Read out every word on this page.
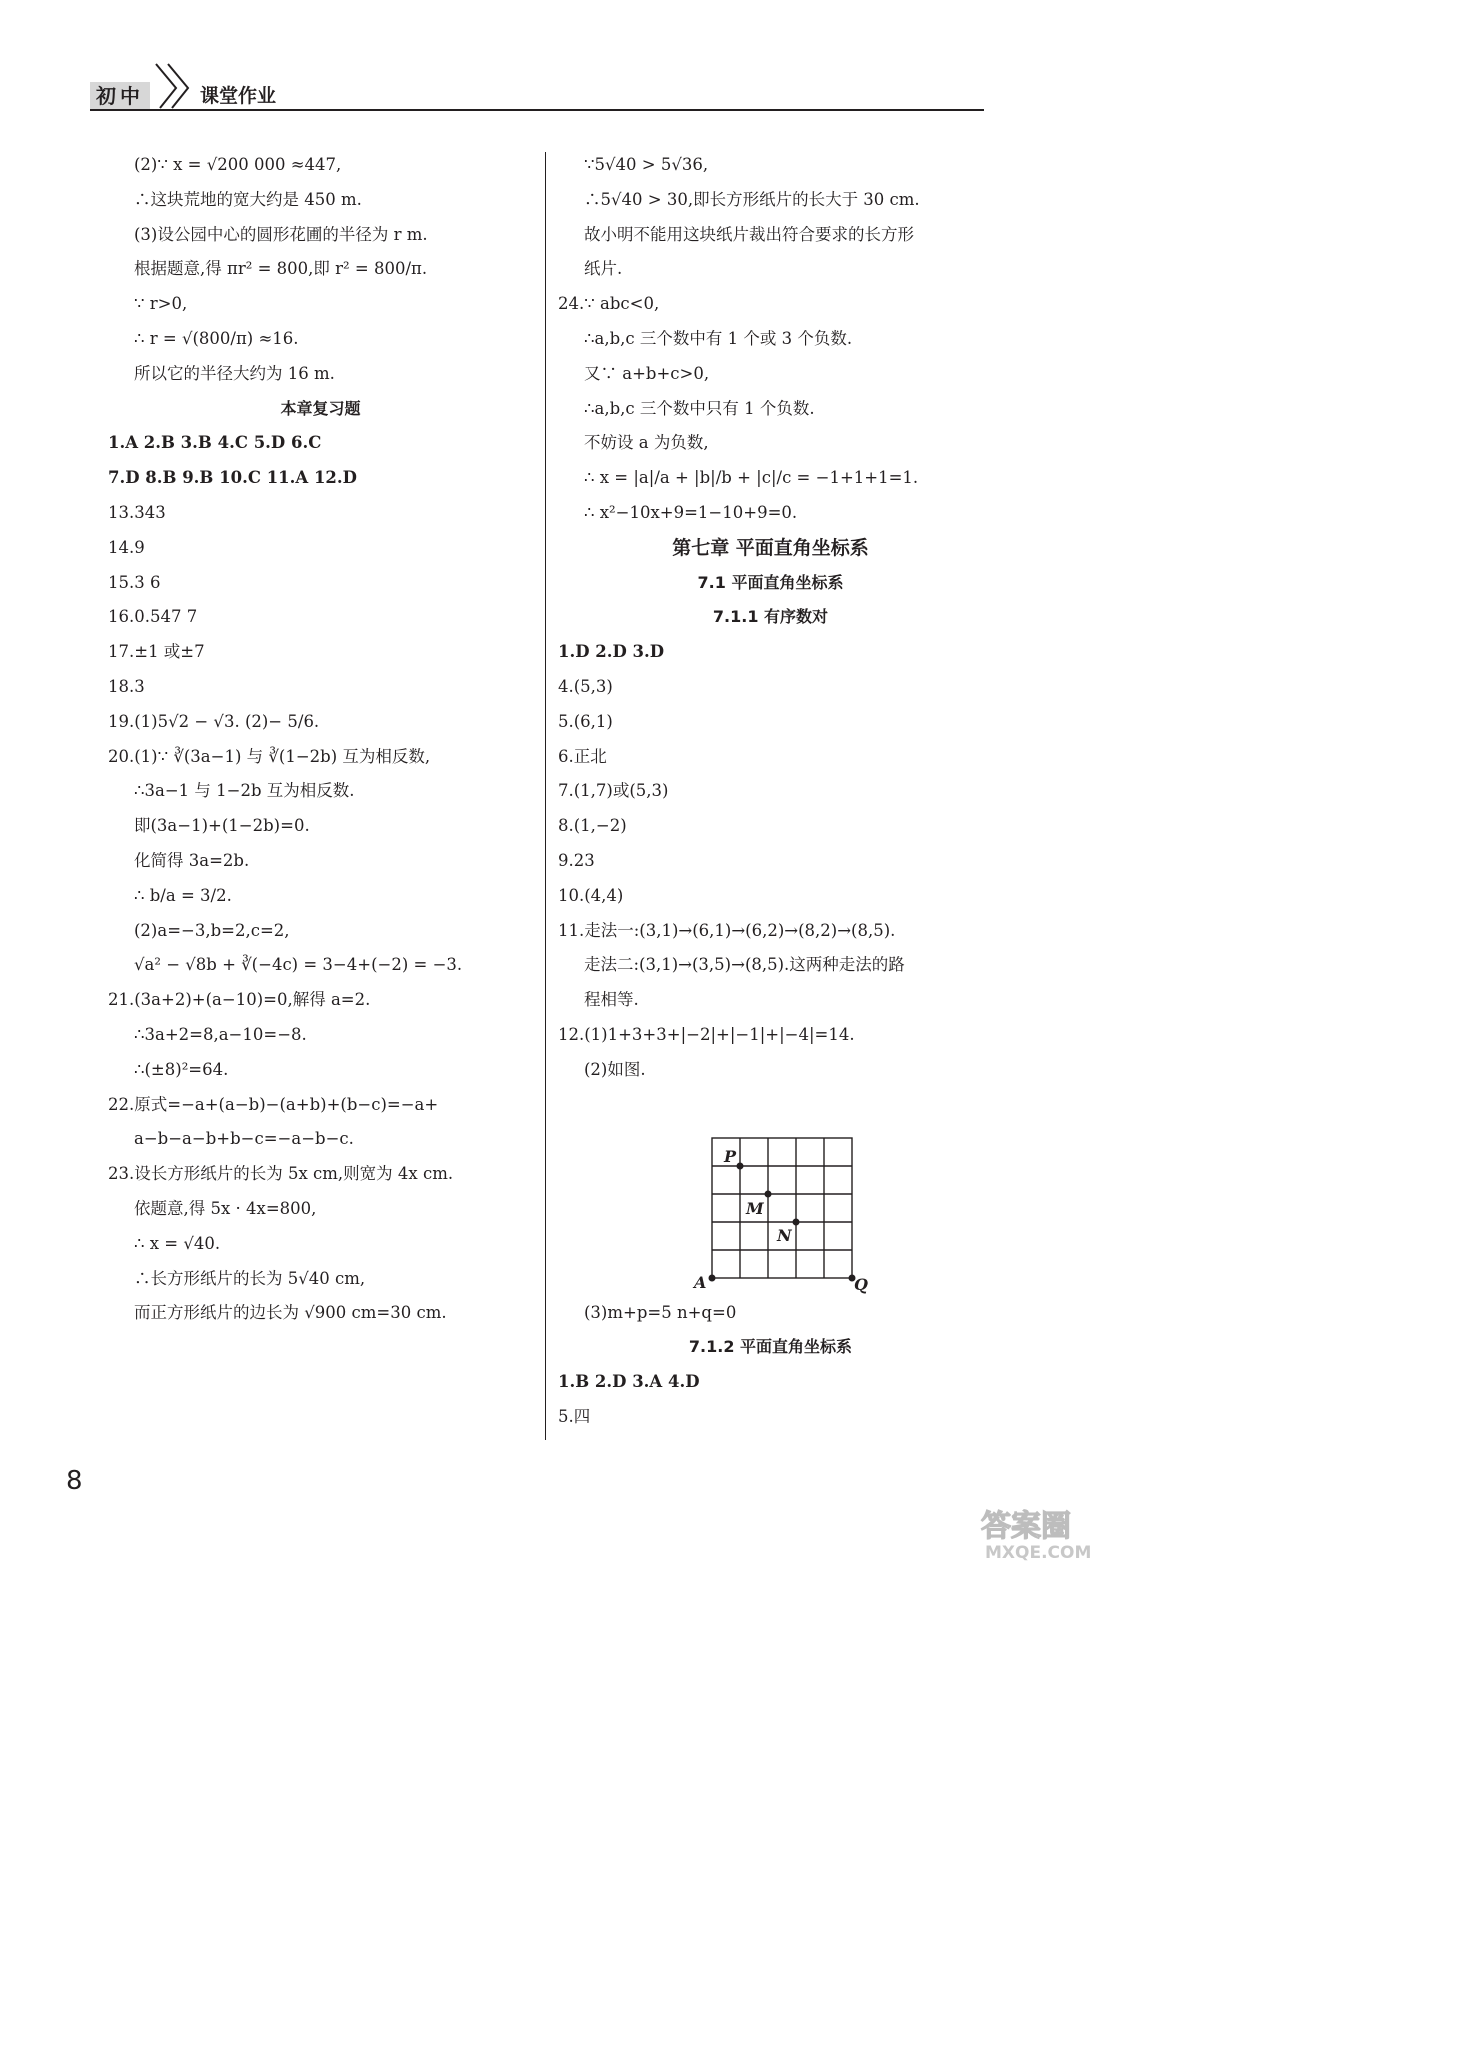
初中	课堂作业
(2)∵ x = √200 000 ≈447,
∴这块荒地的宽大约是 450 m.
(3)设公园中心的圆形花圃的半径为 r m.
根据题意,得 πr² = 800,即 r² = 800/π.
∵ r>0,
∴ r = √(800/π) ≈16.
所以它的半径大约为 16 m.
本章复习题
1.A 2.B 3.B 4.C 5.D 6.C
7.D 8.B 9.B 10.C 11.A 12.D
13.343
14.9
15.3 6
16.0.547 7
17.±1 或±7
18.3
19.(1)5√2 − √3. (2)− 5/6.
20.(1)∵ ∛(3a−1) 与 ∛(1−2b) 互为相反数,
∴3a−1 与 1−2b 互为相反数.
即(3a−1)+(1−2b)=0.
化简得 3a=2b.
∴ b/a = 3/2.
(2)a=−3,b=2,c=2,
√a² − √8b + ∛(−4c) = 3−4+(−2) = −3.
21.(3a+2)+(a−10)=0,解得 a=2.
∴3a+2=8,a−10=−8.
∴(±8)²=64.
22.原式=−a+(a−b)−(a+b)+(b−c)=−a+
a−b−a−b+b−c=−a−b−c.
23.设长方形纸片的长为 5x cm,则宽为 4x cm.
依题意,得 5x · 4x=800,
∴ x = √40.
∴长方形纸片的长为 5√40 cm,
而正方形纸片的边长为 √900 cm=30 cm.
∵5√40 > 5√36,
∴5√40 > 30,即长方形纸片的长大于 30 cm.
故小明不能用这块纸片裁出符合要求的长方形
纸片.
24.∵ abc<0,
∴a,b,c 三个数中有 1 个或 3 个负数.
又∵ a+b+c>0,
∴a,b,c 三个数中只有 1 个负数.
不妨设 a 为负数,
∴ x = |a|/a + |b|/b + |c|/c = −1+1+1=1.
∴ x²−10x+9=1−10+9=0.
第七章 平面直角坐标系
7.1 平面直角坐标系
7.1.1 有序数对
1.D 2.D 3.D
4.(5,3)
5.(6,1)
6.正北
7.(1,7)或(5,3)
8.(1,−2)
9.23
10.(4,4)
11.走法一:(3,1)→(6,1)→(6,2)→(8,2)→(8,5).
走法二:(3,1)→(3,5)→(8,5).这两种走法的路
程相等.
12.(1)1+3+3+|−2|+|−1|+|−4|=14.
(2)如图.
(3)m+p=5 n+q=0
7.1.2 平面直角坐标系
1.B 2.D 3.A 4.D
5.四
P
M
N
A	Q
8
答案圈
MXQE.COM
